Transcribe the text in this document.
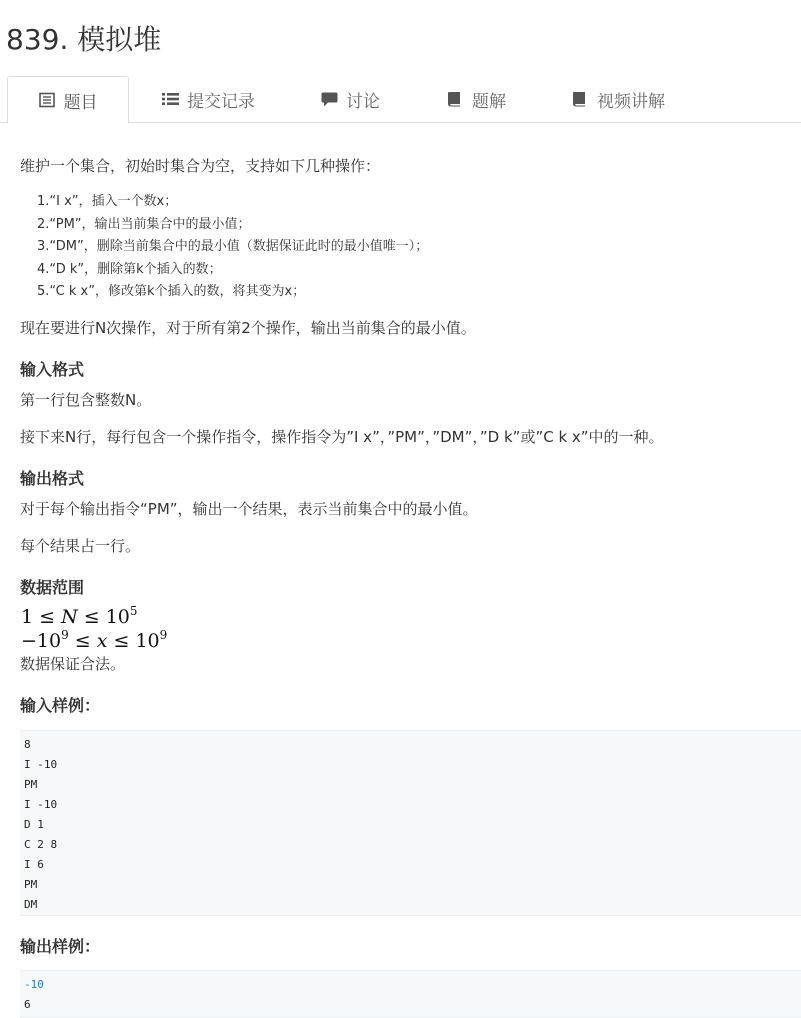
839. 模拟堆
题目	提交记录	讨论	题解	视频讲解
维护一个集合，初始时集合为空，支持如下几种操作：
1.“I x”，插入一个数x；
2.“PM”，输出当前集合中的最小值；
3.“DM”，删除当前集合中的最小值（数据保证此时的最小值唯一）；
4.“D k”，删除第k个插入的数；
5.“C k x”，修改第k个插入的数，将其变为x；
现在要进行N次操作，对于所有第2个操作，输出当前集合的最小值。
输入格式
第一行包含整数N。
接下来N行，每行包含一个操作指令，操作指令为”I x”，”PM”，”DM”，”D k”或”C k x”中的一种。
输出格式
对于每个输出指令“PM”，输出一个结果，表示当前集合中的最小值。
每个结果占一行。
数据范围
$1 \le N \le 10^5$
$-10^9 \le x \le 10^9$
数据保证合法。
输入样例：
8
I -10
PM
I -10
D 1
C 2 8
I 6
PM
DM
输出样例：
-10
6
